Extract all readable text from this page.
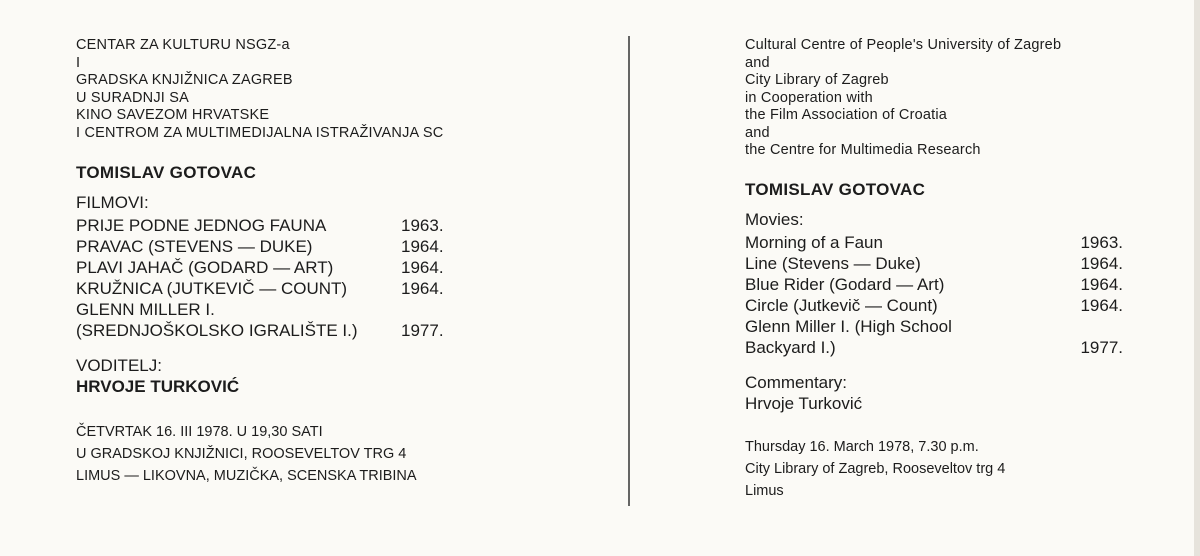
CENTAR ZA KULTURU NSGZ-a
I
GRADSKA KNJIŽNICA ZAGREB
U SURADNJI SA
KINO SAVEZOM HRVATSKE
I CENTROM ZA MULTIMEDIJALNA ISTRAŽIVANJA SC
TOMISLAV GOTOVAC
FILMOVI:
PRIJE PODNE JEDNOG FAUNA	1963.
PRAVAC (STEVENS — DUKE)	1964.
PLAVI JAHAČ (GODARD — ART)	1964.
KRUŽNICA (JUTKEVIČ — COUNT)	1964.
GLENN MILLER I.
(SREDNJOŠKOLSKO IGRALIŠTE I.)	1977.
VODITELJ:
HRVOJE TURKOVIĆ
ČETVRTAK 16. III 1978. U 19,30 SATI
U GRADSKOJ KNJIŽNICI, ROOSEVELTOV TRG 4
LIMUS — LIKOVNA, MUZIČKA, SCENSKA TRIBINA
Cultural Centre of People's University of Zagreb
and
City Library of Zagreb
in Cooperation with
the Film Association of Croatia
and
the Centre for Multimedia Research
TOMISLAV GOTOVAC
Movies:
Morning of a Faun	1963.
Line (Stevens — Duke)	1964.
Blue Rider (Godard — Art)	1964.
Circle (Jutkevič — Count)	1964.
Glenn Miller I. (High School
Backyard I.)	1977.
Commentary:
Hrvoje Turković
Thursday 16. March 1978, 7.30 p.m.
City Library of Zagreb, Rooseveltov trg 4
Limus
